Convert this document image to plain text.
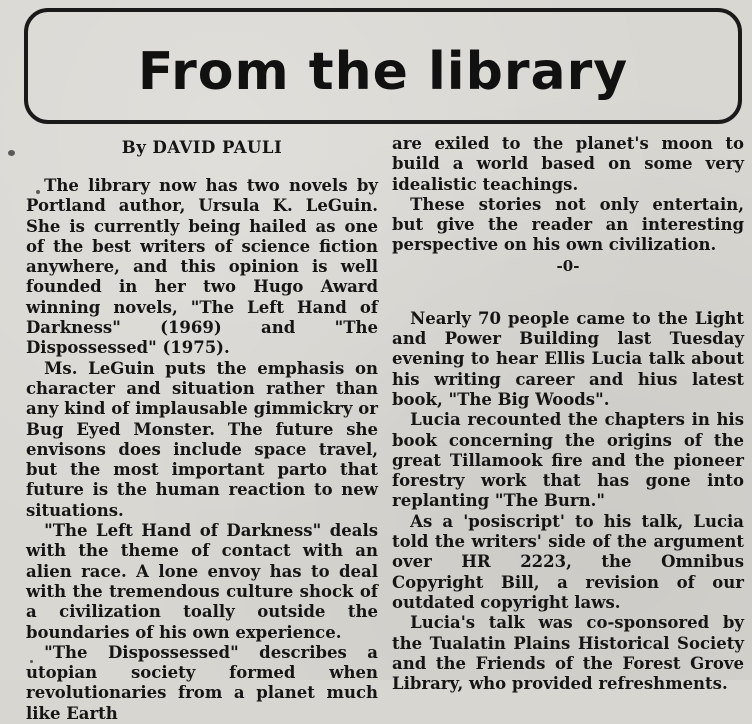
From the library

By DAVID PAULI

The library now has two novels by Portland author, Ursula K. LeGuin. She is currently being hailed as one of the best writers of science fiction anywhere, and this opinion is well founded in her two Hugo Award winning novels, "The Left Hand of Darkness" (1969) and "The Dispossessed" (1975).

Ms. LeGuin puts the emphasis on character and situation rather than any kind of implausable gimmickry or Bug Eyed Monster. The future she envisons does include space travel, but the most important parto that future is the human reaction to new situations.

"The Left Hand of Darkness" deals with the theme of contact with an alien race. A lone envoy has to deal with the tremendous culture shock of a civilization toally outside the boundaries of his own experience.

"The Dispossessed" describes a utopian society formed when revolutionaries from a planet much like Earth

are exiled to the planet's moon to build a world based on some very idealistic teachings.

These stories not only entertain, but give the reader an interesting perspective on his own civilization.

-0-

Nearly 70 people came to the Light and Power Building last Tuesday evening to hear Ellis Lucia talk about his writing career and hius latest book, "The Big Woods".

Lucia recounted the chapters in his book concerning the origins of the great Tillamook fire and the pioneer forestry work that has gone into replanting "The Burn."

As a 'posiscript' to his talk, Lucia told the writers' side of the argument over HR 2223, the Omnibus Copyright Bill, a revision of our outdated copyright laws.

Lucia's talk was co-sponsored by the Tualatin Plains Historical Society and the Friends of the Forest Grove Library, who provided refreshments.
